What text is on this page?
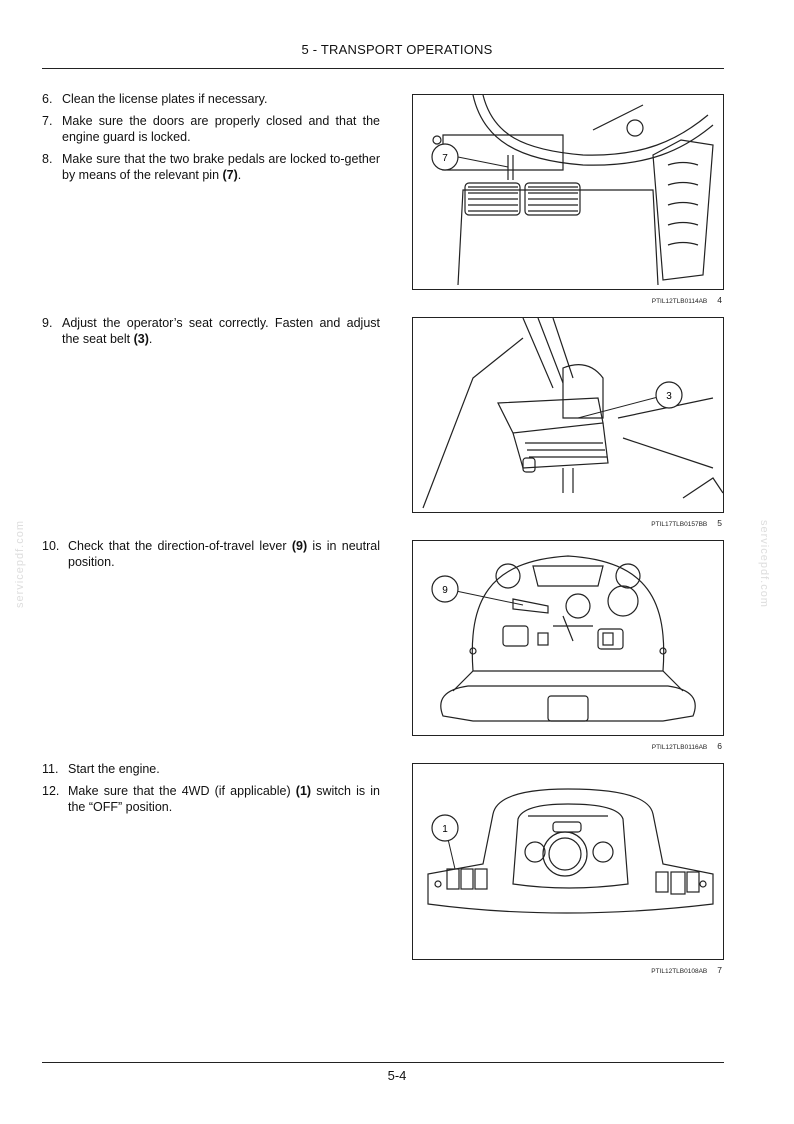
5 - TRANSPORT OPERATIONS
servicepdf.com	servicepdf.com
6. Clean the license plates if necessary.
7. Make sure the doors are properly closed and that the engine guard is locked.
8. Make sure that the two brake pedals are locked to-gether by means of the relevant pin (7).
7
PTIL12TLB0114AB 4
9. Adjust the operator’s seat correctly. Fasten and adjust the seat belt (3).
3
PTIL17TLB0157BB 5
10. Check that the direction-of-travel lever (9) is in neutral position.
9
PTIL12TLB0116AB 6
11. Start the engine.
12. Make sure that the 4WD (if applicable) (1) switch is in the “OFF” position.
1
PTIL12TLB0108AB 7
5-4
